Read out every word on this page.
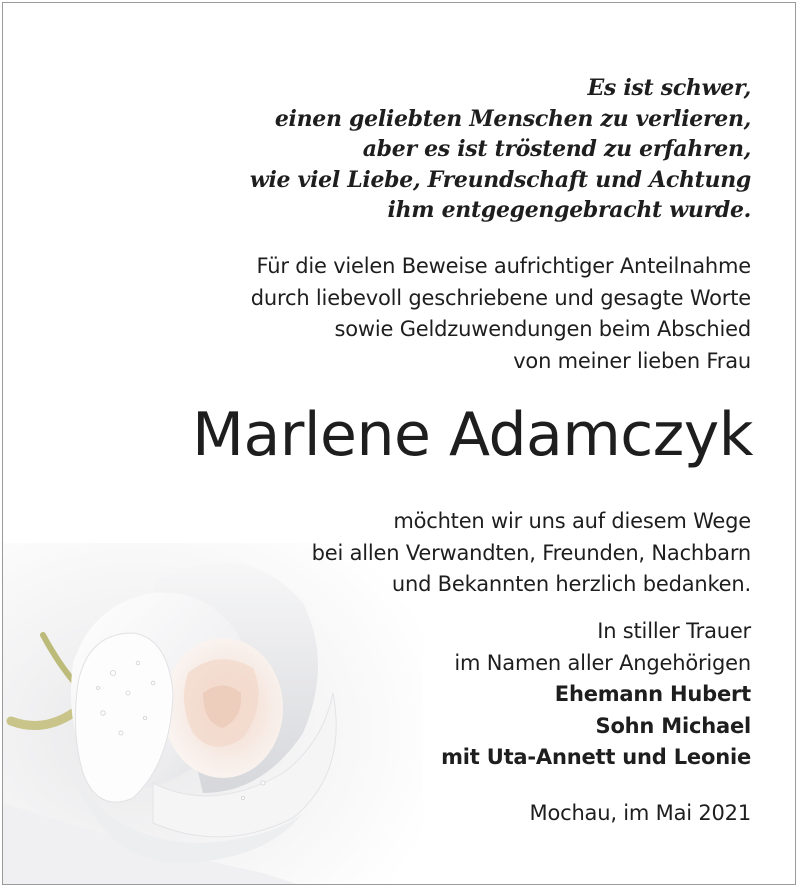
Es ist schwer,
einen geliebten Menschen zu verlieren,
aber es ist tröstend zu erfahren,
wie viel Liebe, Freundschaft und Achtung
ihm entgegengebracht wurde.
Für die vielen Beweise aufrichtiger Anteilnahme
durch liebevoll geschriebene und gesagte Worte
sowie Geldzuwendungen beim Abschied
von meiner lieben Frau
Marlene Adamczyk
möchten wir uns auf diesem Wege
bei allen Verwandten, Freunden, Nachbarn
und Bekannten herzlich bedanken.
In stiller Trauer
im Namen aller Angehörigen
Ehemann Hubert
Sohn Michael
mit Uta-Annett und Leonie
Mochau, im Mai 2021
